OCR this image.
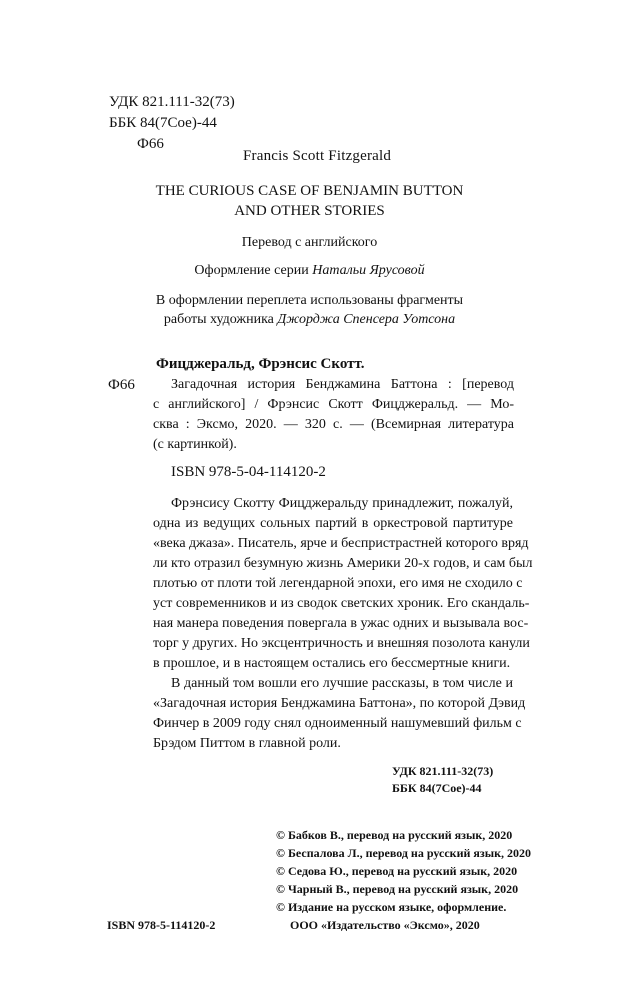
УДК 821.111-32(73)
ББК 84(7Сое)-44
Ф66
Francis Scott Fitzgerald
THE CURIOUS CASE OF BENJAMIN BUTTON
AND OTHER STORIES
Перевод с английского
Оформление серии Натальи Ярусовой
В оформлении переплета использованы фрагменты
работы художника Джорджа Спенсера Уотсона
Фицджеральд, Фрэнсис Скотт.
Ф66	Загадочная история Бенджамина Баттона : [перевод
с английского] / Фрэнсис Скотт Фицджеральд. — Мо-
сква : Эксмо, 2020. — 320 с. — (Всемирная литература
(с картинкой).
ISBN 978-5-04-114120-2
Фрэнсису Скотту Фицджеральду принадлежит, пожалуй,
одна из ведущих сольных партий в оркестровой партитуре
«века джаза». Писатель, ярче и беспристрастней которого вряд
ли кто отразил безумную жизнь Америки 20-х годов, и сам был
плотью от плоти той легендарной эпохи, его имя не сходило с
уст современников и из сводок светских хроник. Его скандаль-
ная манера поведения повергала в ужас одних и вызывала вос-
торг у других. Но эксцентричность и внешняя позолота канули
в прошлое, и в настоящем остались его бессмертные книги.
В данный том вошли его лучшие рассказы, в том числе и
«Загадочная история Бенджамина Баттона», по которой Дэвид
Финчер в 2009 году снял одноименный нашумевший фильм с
Брэдом Питтом в главной роли.
УДК 821.111-32(73)
ББК 84(7Сое)-44
© Бабков В., перевод на русский язык, 2020
© Беспалова Л., перевод на русский язык, 2020
© Седова Ю., перевод на русский язык, 2020
© Чарный В., перевод на русский язык, 2020
© Издание на русском языке, оформление.
ООО «Издательство «Эксмо», 2020
ISBN 978-5-114120-2
